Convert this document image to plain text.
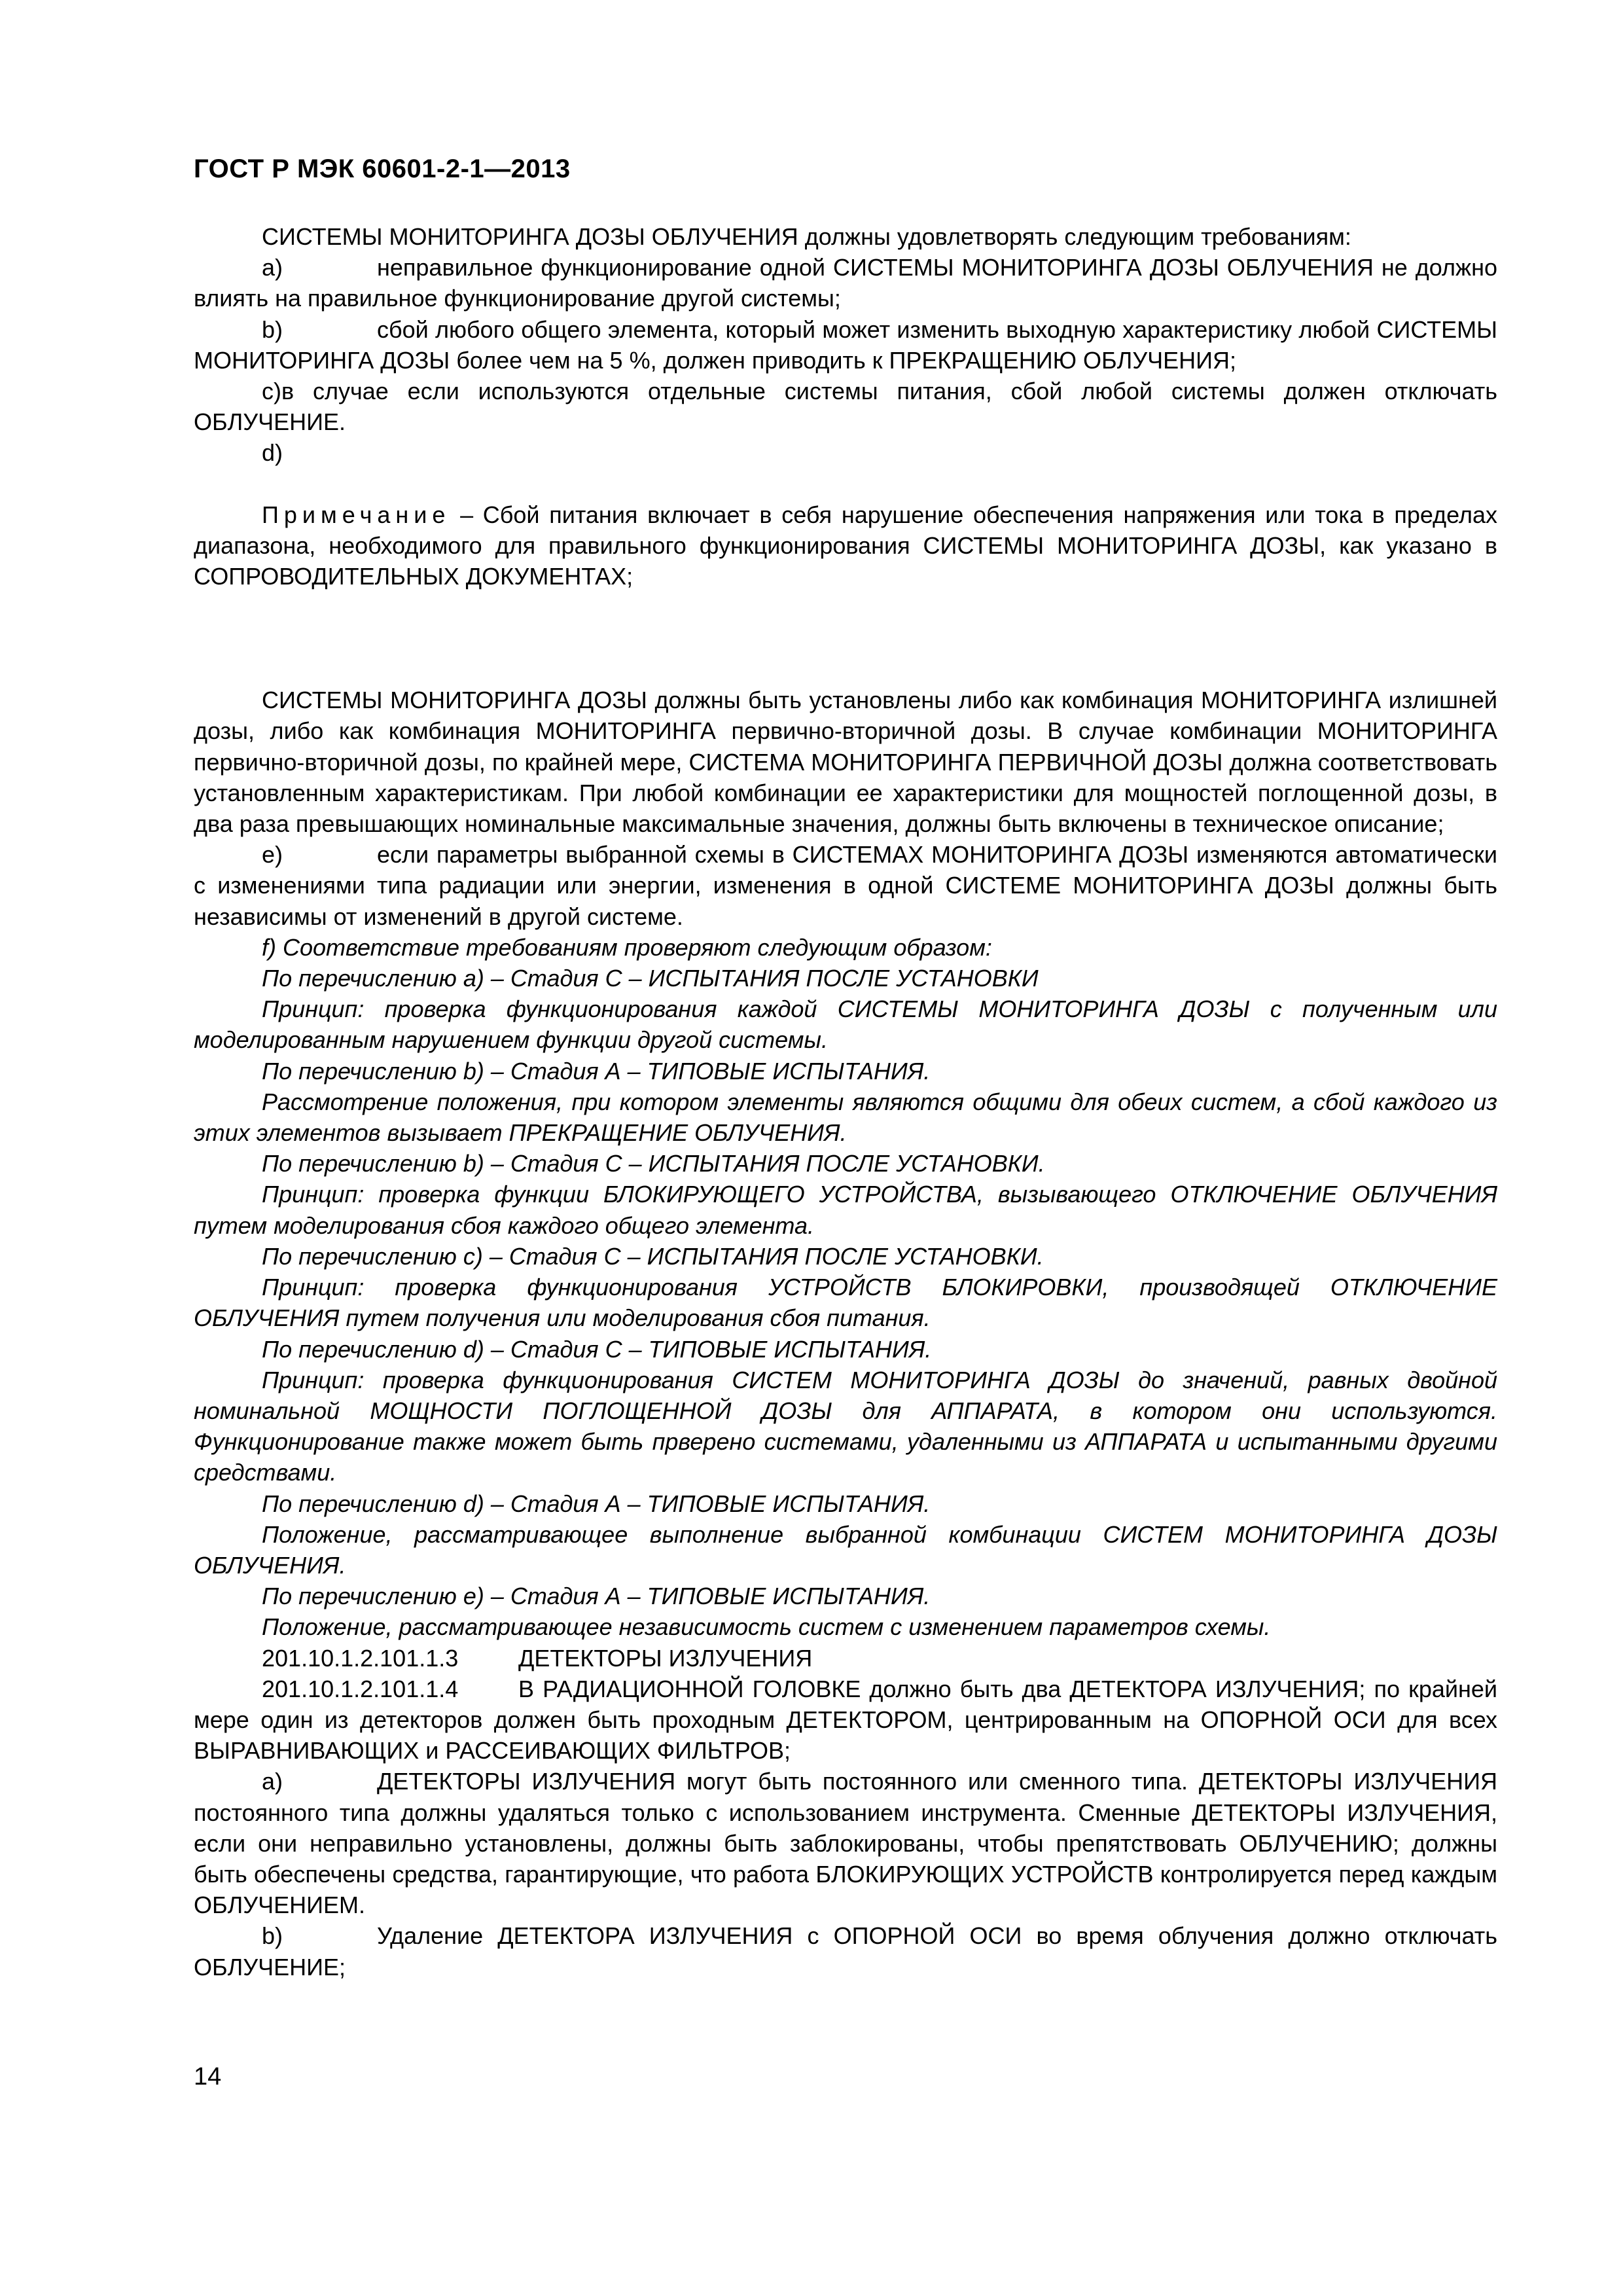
ГОСТ Р МЭК 60601-2-1—2013

СИСТЕМЫ МОНИТОРИНГА ДОЗЫ ОБЛУЧЕНИЯ должны удовлетворять следующим требованиям:

a)	неправильное функционирование одной СИСТЕМЫ МОНИТОРИНГА ДОЗЫ ОБЛУЧЕНИЯ не должно влиять на правильное функционирование другой системы;

b)	сбой любого общего элемента, который может изменить выходную характеристику любой СИСТЕМЫ МОНИТОРИНГА ДОЗЫ более чем на 5 %, должен приводить к ПРЕКРАЩЕНИЮ ОБЛУЧЕНИЯ;

c)в случае если используются отдельные системы питания, сбой любой системы должен отключать ОБЛУЧЕНИЕ.

d)

Примечание – Сбой питания включает в себя нарушение обеспечения напряжения или тока в пределах диапазона, необходимого для правильного функционирования СИСТЕМЫ МОНИТОРИНГА ДОЗЫ, как указано в СОПРОВОДИТЕЛЬНЫХ ДОКУМЕНТАХ;

СИСТЕМЫ МОНИТОРИНГА ДОЗЫ должны быть установлены либо как комбинация МОНИТОРИНГА излишней дозы, либо как комбинация МОНИТОРИНГА первично-вторичной дозы. В случае комбинации МОНИТОРИНГА первично-вторичной дозы, по крайней мере, СИСТЕМА МОНИТОРИНГА ПЕРВИЧНОЙ ДОЗЫ должна соответствовать установленным характеристикам. При любой комбинации ее характеристики для мощностей поглощенной дозы, в два раза превышающих номинальные максимальные значения, должны быть включены в техническое описание;

e)	если параметры выбранной схемы в СИСТЕМАХ МОНИТОРИНГА ДОЗЫ изменяются автоматически с изменениями типа радиации или энергии, изменения в одной СИСТЕМЕ МОНИТОРИНГА ДОЗЫ должны быть независимы от изменений в другой системе.

f) Соответствие требованиям проверяют следующим образом:

По перечислению а) – Стадия С – ИСПЫТАНИЯ ПОСЛЕ УСТАНОВКИ

Принцип: проверка функционирования каждой СИСТЕМЫ МОНИТОРИНГА ДОЗЫ с полученным или моделированным нарушением функции другой системы.

По перечислению b) – Стадия А – ТИПОВЫЕ ИСПЫТАНИЯ.

Рассмотрение положения, при котором элементы являются общими для обеих систем, а сбой каждого из этих элементов вызывает ПРЕКРАЩЕНИЕ ОБЛУЧЕНИЯ.

По перечислению b) – Стадия С – ИСПЫТАНИЯ ПОСЛЕ УСТАНОВКИ.

Принцип: проверка функции БЛОКИРУЮЩЕГО УСТРОЙСТВА, вызывающего ОТКЛЮЧЕНИЕ ОБЛУЧЕНИЯ путем моделирования сбоя каждого общего элемента.

По перечислению с) – Стадия С – ИСПЫТАНИЯ ПОСЛЕ УСТАНОВКИ.

Принцип: проверка функционирования УСТРОЙСТВ БЛОКИРОВКИ, производящей ОТКЛЮЧЕНИЕ ОБЛУЧЕНИЯ путем получения или моделирования сбоя питания.

По перечислению d) – Стадия С – ТИПОВЫЕ ИСПЫТАНИЯ.

Принцип: проверка функционирования СИСТЕМ МОНИТОРИНГА ДОЗЫ до значений, равных двойной номинальной МОЩНОСТИ ПОГЛОЩЕННОЙ ДОЗЫ для АППАРАТА, в котором они используются. Функционирование также может быть прверено системами, удаленными из АППАРАТА и испытанными другими средствами.

По перечислению d) – Стадия А – ТИПОВЫЕ ИСПЫТАНИЯ.

Положение, рассматривающее выполнение выбранной комбинации СИСТЕМ МОНИТОРИНГА ДОЗЫ ОБЛУЧЕНИЯ.

По перечислению е) – Стадия А – ТИПОВЫЕ ИСПЫТАНИЯ.

Положение, рассматривающее независимость систем с изменением параметров схемы.

201.10.1.2.101.1.3	ДЕТЕКТОРЫ ИЗЛУЧЕНИЯ

201.10.1.2.101.1.4	В РАДИАЦИОННОЙ ГОЛОВКЕ должно быть два ДЕТЕКТОРА ИЗЛУЧЕНИЯ; по крайней мере один из детекторов должен быть проходным ДЕТЕКТОРОМ, центрированным на ОПОРНОЙ ОСИ для всех ВЫРАВНИВАЮЩИХ и РАССЕИВАЮЩИХ ФИЛЬТРОВ;

a)	ДЕТЕКТОРЫ ИЗЛУЧЕНИЯ могут быть постоянного или сменного типа. ДЕТЕКТОРЫ ИЗЛУЧЕНИЯ постоянного типа должны удаляться только с использованием инструмента. Сменные ДЕТЕКТОРЫ ИЗЛУЧЕНИЯ, если они неправильно установлены, должны быть заблокированы, чтобы препятствовать ОБЛУЧЕНИЮ; должны быть обеспечены средства, гарантирующие, что работа БЛОКИРУЮЩИХ УСТРОЙСТВ контролируется перед каждым ОБЛУЧЕНИЕМ.

b)	Удаление ДЕТЕКТОРА ИЗЛУЧЕНИЯ с ОПОРНОЙ ОСИ во время облучения должно отключать ОБЛУЧЕНИЕ;

14
